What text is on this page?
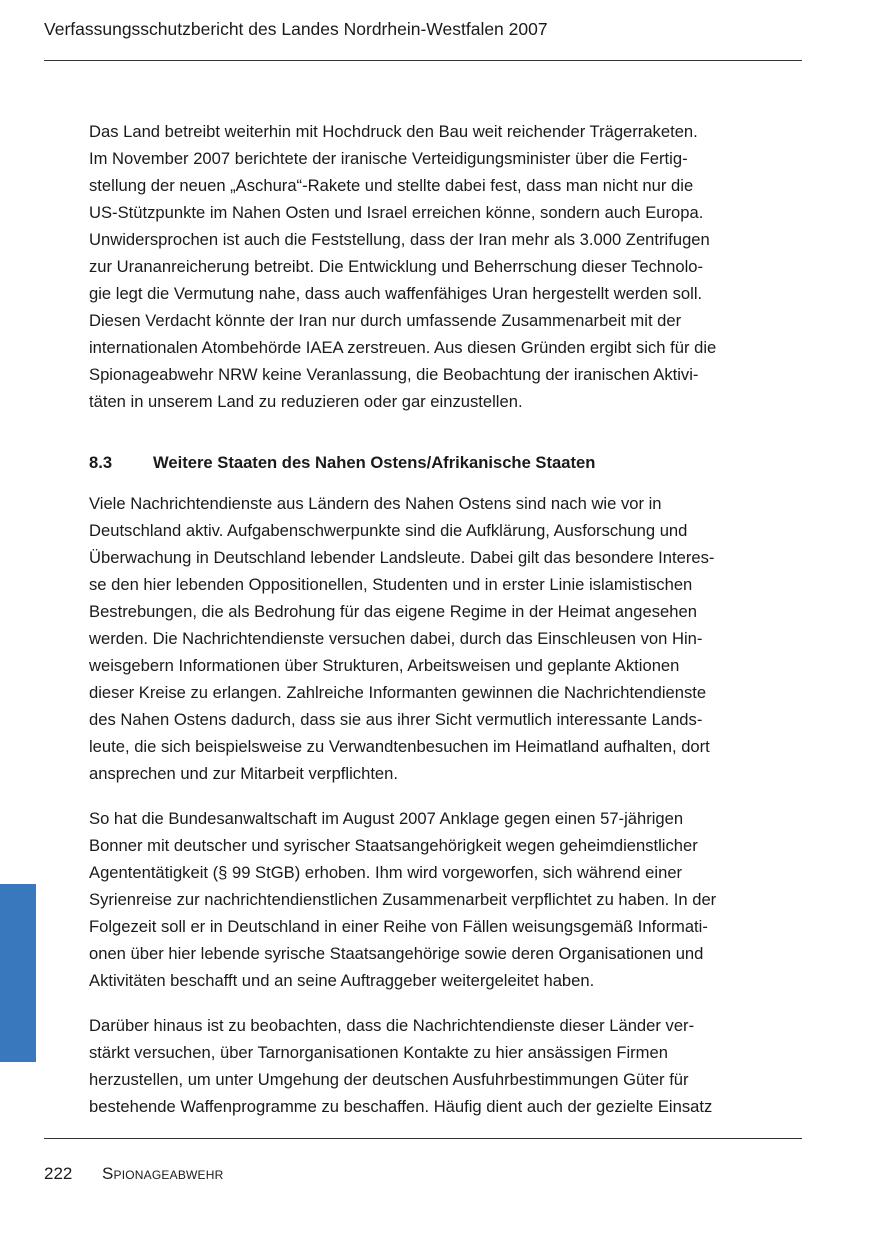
Verfassungsschutzbericht des Landes Nordrhein-Westfalen 2007

Das Land betreibt weiterhin mit Hochdruck den Bau weit reichender Trägerraketen.
Im November 2007 berichtete der iranische Verteidigungsminister über die Fertig-
stellung der neuen „Aschura“-Rakete und stellte dabei fest, dass man nicht nur die
US-Stützpunkte im Nahen Osten und Israel erreichen könne, sondern auch Europa.
Unwidersprochen ist auch die Feststellung, dass der Iran mehr als 3.000 Zentrifugen
zur Urananreicherung betreibt. Die Entwicklung und Beherrschung dieser Technolo-
gie legt die Vermutung nahe, dass auch waffenfähiges Uran hergestellt werden soll.
Diesen Verdacht könnte der Iran nur durch umfassende Zusammenarbeit mit der
internationalen Atombehörde IAEA zerstreuen. Aus diesen Gründen ergibt sich für die
Spionageabwehr NRW keine Veranlassung, die Beobachtung der iranischen Aktivi-
täten in unserem Land zu reduzieren oder gar einzustellen.

8.3 Weitere Staaten des Nahen Ostens/Afrikanische Staaten

Viele Nachrichtendienste aus Ländern des Nahen Ostens sind nach wie vor in
Deutschland aktiv. Aufgabenschwerpunkte sind die Aufklärung, Ausforschung und
Überwachung in Deutschland lebender Landsleute. Dabei gilt das besondere Interes-
se den hier lebenden Oppositionellen, Studenten und in erster Linie islamistischen
Bestrebungen, die als Bedrohung für das eigene Regime in der Heimat angesehen
werden. Die Nachrichtendienste versuchen dabei, durch das Einschleusen von Hin-
weisgebern Informationen über Strukturen, Arbeitsweisen und geplante Aktionen
dieser Kreise zu erlangen. Zahlreiche Informanten gewinnen die Nachrichtendienste
des Nahen Ostens dadurch, dass sie aus ihrer Sicht vermutlich interessante Lands-
leute, die sich beispielsweise zu Verwandtenbesuchen im Heimatland aufhalten, dort
ansprechen und zur Mitarbeit verpflichten.

So hat die Bundesanwaltschaft im August 2007 Anklage gegen einen 57-jährigen
Bonner mit deutscher und syrischer Staatsangehörigkeit wegen geheimdienstlicher
Agententätigkeit (§ 99 StGB) erhoben. Ihm wird vorgeworfen, sich während einer
Syrienreise zur nachrichtendienstlichen Zusammenarbeit verpflichtet zu haben. In der
Folgezeit soll er in Deutschland in einer Reihe von Fällen weisungsgemäß Informati-
onen über hier lebende syrische Staatsangehörige sowie deren Organisationen und
Aktivitäten beschafft und an seine Auftraggeber weitergeleitet haben.

Darüber hinaus ist zu beobachten, dass die Nachrichtendienste dieser Länder ver-
stärkt versuchen, über Tarnorganisationen Kontakte zu hier ansässigen Firmen
herzustellen, um unter Umgehung der deutschen Ausfuhrbestimmungen Güter für
bestehende Waffenprogramme zu beschaffen. Häufig dient auch der gezielte Einsatz

222 Spionageabwehr
